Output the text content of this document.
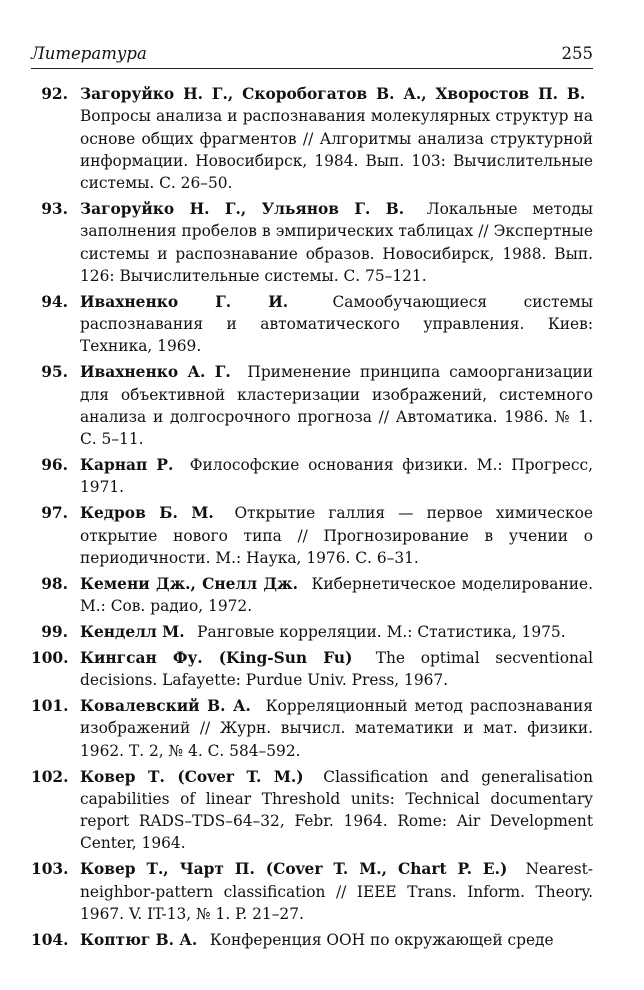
Литература	255
92. Загоруйко Н. Г., Скоробогатов В. А., Хворостов П. В.  Вопросы анализа и распознавания молекулярных структур на основе общих фрагментов // Алгоритмы анализа структурной информации. Новосибирск, 1984. Вып. 103: Вычислительные системы. С. 26–50.
93. Загоруйко Н. Г., Ульянов Г. В.  Локальные методы заполнения пробелов в эмпирических таблицах // Экспертные системы и распознавание образов. Новосибирск, 1988. Вып. 126: Вычислительные системы. С. 75–121.
94. Ивахненко Г. И.  Самообучающиеся системы распознавания и автоматического управления. Киев: Техника, 1969.
95. Ивахненко А. Г.  Применение принципа самоорганизации для объективной кластеризации изображений, системного анализа и долгосрочного прогноза // Автоматика. 1986. № 1. С. 5–11.
96. Карнап Р.  Философские основания физики. М.: Прогресс, 1971.
97. Кедров Б. М.  Открытие галлия — первое химическое открытие нового типа // Прогнозирование в учении о периодичности. М.: Наука, 1976. С. 6–31.
98. Кемени Дж., Снелл Дж.  Кибернетическое моделирование. М.: Сов. радио, 1972.
99. Кенделл М.  Ранговые корреляции. М.: Статистика, 1975.
100. Кингсан Фу. (King-Sun Fu)  The optimal secventional decisions. Lafayette: Purdue Univ. Press, 1967.
101. Ковалевский В. А.  Корреляционный метод распознавания изображений // Журн. вычисл. математики и мат. физики. 1962. Т. 2, № 4. С. 584–592.
102. Ковер Т. (Cover T. M.)  Classification and generalisation capabilities of linear Threshold units: Technical documentary report RADS–TDS–64–32, Febr. 1964. Rome: Air Development Center, 1964.
103. Ковер Т., Чарт П. (Cover T. M., Chart P. E.)  Nearest-neighbor-pattern classification // IEEE Trans. Inform. Theory. 1967. V. IT-13, № 1. P. 21–27.
104. Коптюг В. А.  Конференция ООН по окружающей среде
